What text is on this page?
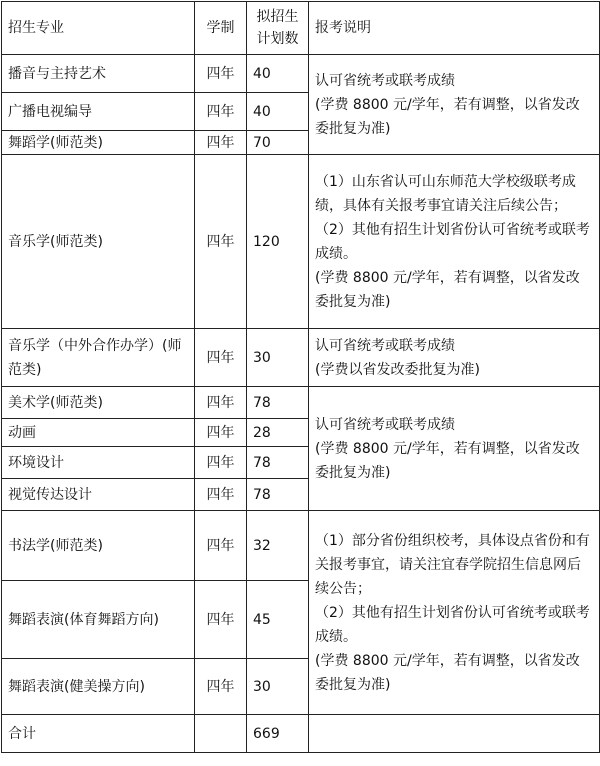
招生专业	学制	拟招生计划数	报考说明
播音与主持艺术	四年	40	认可省统考或联考成绩
(学费 8800 元/学年，若有调整，以省发改委批复为准)

广播电视编导	四年	40	
舞蹈学(师范类)	四年	70	
音乐学(师范类)	四年	120	（1）山东省认可山东师范大学校级联考成绩，具体有关报考事宜请关注后续公告；
（2）其他有招生计划省份认可省统考或联考成绩。
(学费 8800 元/学年，若有调整，以省发改委批复为准)

音乐学（中外合作办学）(师范类)	四年	30	认可省统考或联考成绩
(学费以省发改委批复为准)

美术学(师范类)	四年	78	认可省统考或联考成绩
(学费 8800 元/学年，若有调整，以省发改委批复为准)

动画	四年	28	
环境设计	四年	78	
视觉传达设计	四年	78	
书法学(师范类)	四年	32	（1）部分省份组织校考，具体设点省份和有关报考事宜，请关注宜春学院招生信息网后续公告；
（2）其他有招生计划省份认可省统考或联考成绩。
(学费 8800 元/学年，若有调整，以省发改委批复为准)

舞蹈表演(体育舞蹈方向)	四年	45	
舞蹈表演(健美操方向)	四年	30	
合计		669	
